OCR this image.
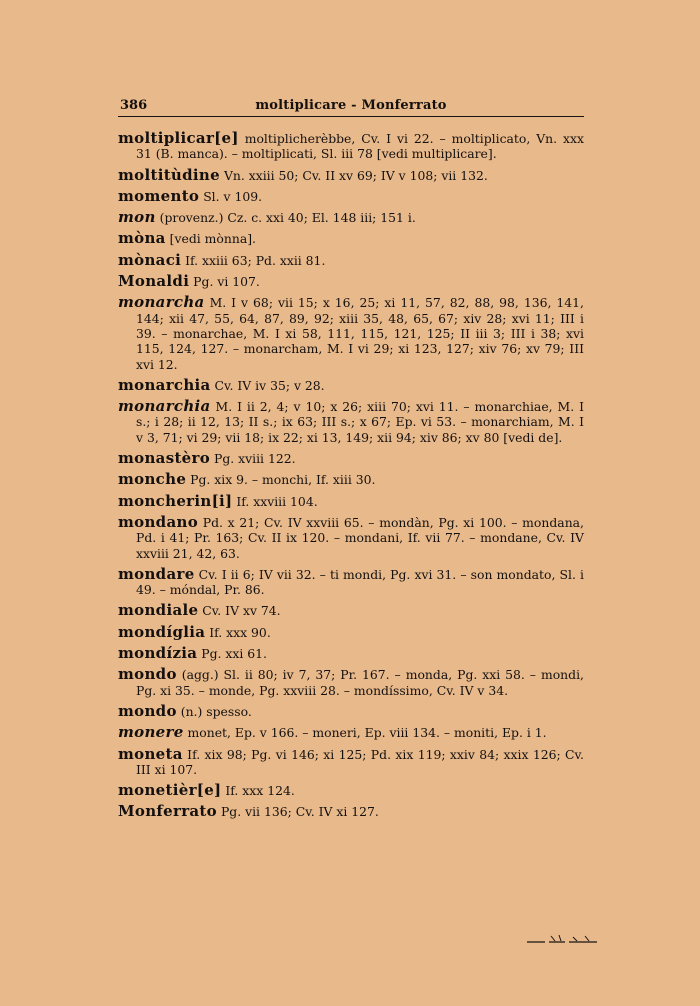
386	moltiplicare - Monferrato
moltiplicar[e] moltiplicherèbbe, Cv. I vi 22. – moltiplicato, Vn. xxx 31 (B. manca). – moltiplicati, Sl. iii 78 [vedi multiplicare].
moltitùdine Vn. xxiii 50; Cv. II xv 69; IV v 108; vii 132.
momento Sl. v 109.
mon (provenz.) Cz. c. xxi 40; El. 148 iii; 151 i.
mòna [vedi mònna].
mònaci If. xxiii 63; Pd. xxii 81.
Monaldi Pg. vi 107.
monarcha M. I v 68; vii 15; x 16, 25; xi 11, 57, 82, 88, 98, 136, 141, 144; xii 47, 55, 64, 87, 89, 92; xiii 35, 48, 65, 67; xiv 28; xvi 11; III i 39. – monarchae, M. I xi 58, 111, 115, 121, 125; II iii 3; III i 38; xvi 115, 124, 127. – monarcham, M. I vi 29; xi 123, 127; xiv 76; xv 79; III xvi 12.
monarchia Cv. IV iv 35; v 28.
monarchia M. I ii 2, 4; v 10; x 26; xiii 70; xvi 11. – monarchiae, M. I s.; i 28; ii 12, 13; II s.; ix 63; III s.; x 67; Ep. vi 53. – monarchiam, M. I v 3, 71; vi 29; vii 18; ix 22; xi 13, 149; xii 94; xiv 86; xv 80 [vedi de].
monastèro Pg. xviii 122.
monche Pg. xix 9. – monchi, If. xiii 30.
moncherin[i] If. xxviii 104.
mondano Pd. x 21; Cv. IV xxviii 65. – mondàn, Pg. xi 100. – mondana, Pd. i 41; Pr. 163; Cv. II ix 120. – mondani, If. vii 77. – mondane, Cv. IV xxviii 21, 42, 63.
mondare Cv. I ii 6; IV vii 32. – ti mondi, Pg. xvi 31. – son mondato, Sl. i 49. – móndal, Pr. 86.
mondiale Cv. IV xv 74.
mondíglia If. xxx 90.
mondízia Pg. xxi 61.
mondo (agg.) Sl. ii 80; iv 7, 37; Pr. 167. – monda, Pg. xxi 58. – mondi, Pg. xi 35. – monde, Pg. xxviii 28. – mondíssimo, Cv. IV v 34.
mondo (n.) spesso.
monere monet, Ep. v 166. – moneri, Ep. viii 134. – moniti, Ep. i 1.
moneta If. xix 98; Pg. vi 146; xi 125; Pd. xix 119; xxiv 84; xxix 126; Cv. III xi 107.
monetièr[e] If. xxx 124.
Monferrato Pg. vii 136; Cv. IV xi 127.
